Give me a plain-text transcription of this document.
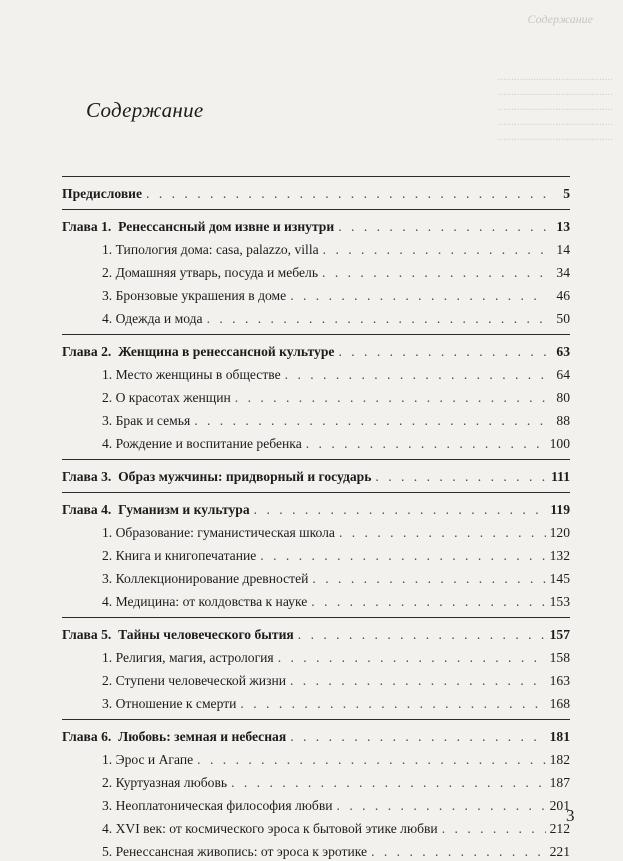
Содержание
..........................................
..........................................
..........................................
..........................................
..........................................
Содержание
Предисловие . . .	5
Глава 1. Ренессансный дом извне и изнутри . . .	13
1. Типология дома: casa, palazzo, villa . . .	14
2. Домашняя утварь, посуда и мебель . . .	34
3. Бронзовые украшения в доме . . .	46
4. Одежда и мода . . .	50
Глава 2. Женщина в ренессансной культуре . . .	63
1. Место женщины в обществе . . .	64
2. О красотах женщин . . .	80
3. Брак и семья . . .	88
4. Рождение и воспитание ребенка . . .	100
Глава 3. Образ мужчины: придворный и государь . . .	111
Глава 4. Гуманизм и культура . . .	119
1. Образование: гуманистическая школа . . .	120
2. Книга и книгопечатание . . .	132
3. Коллекционирование древностей . . .	145
4. Медицина: от колдовства к науке . . .	153
Глава 5. Тайны человеческого бытия . . .	157
1. Религия, магия, астрология . . .	158
2. Ступени человеческой жизни . . .	163
3. Отношение к смерти . . .	168
Глава 6. Любовь: земная и небесная . . .	181
1. Эрос и Агапе . . .	182
2. Куртуазная любовь . . .	187
3. Неоплатоническая философия любви . . .	201
4. XVI век: от космического эроса к бытовой этике любви . . .	212
5. Ренессансная живопись: от эроса к эротике . . .	221
3
